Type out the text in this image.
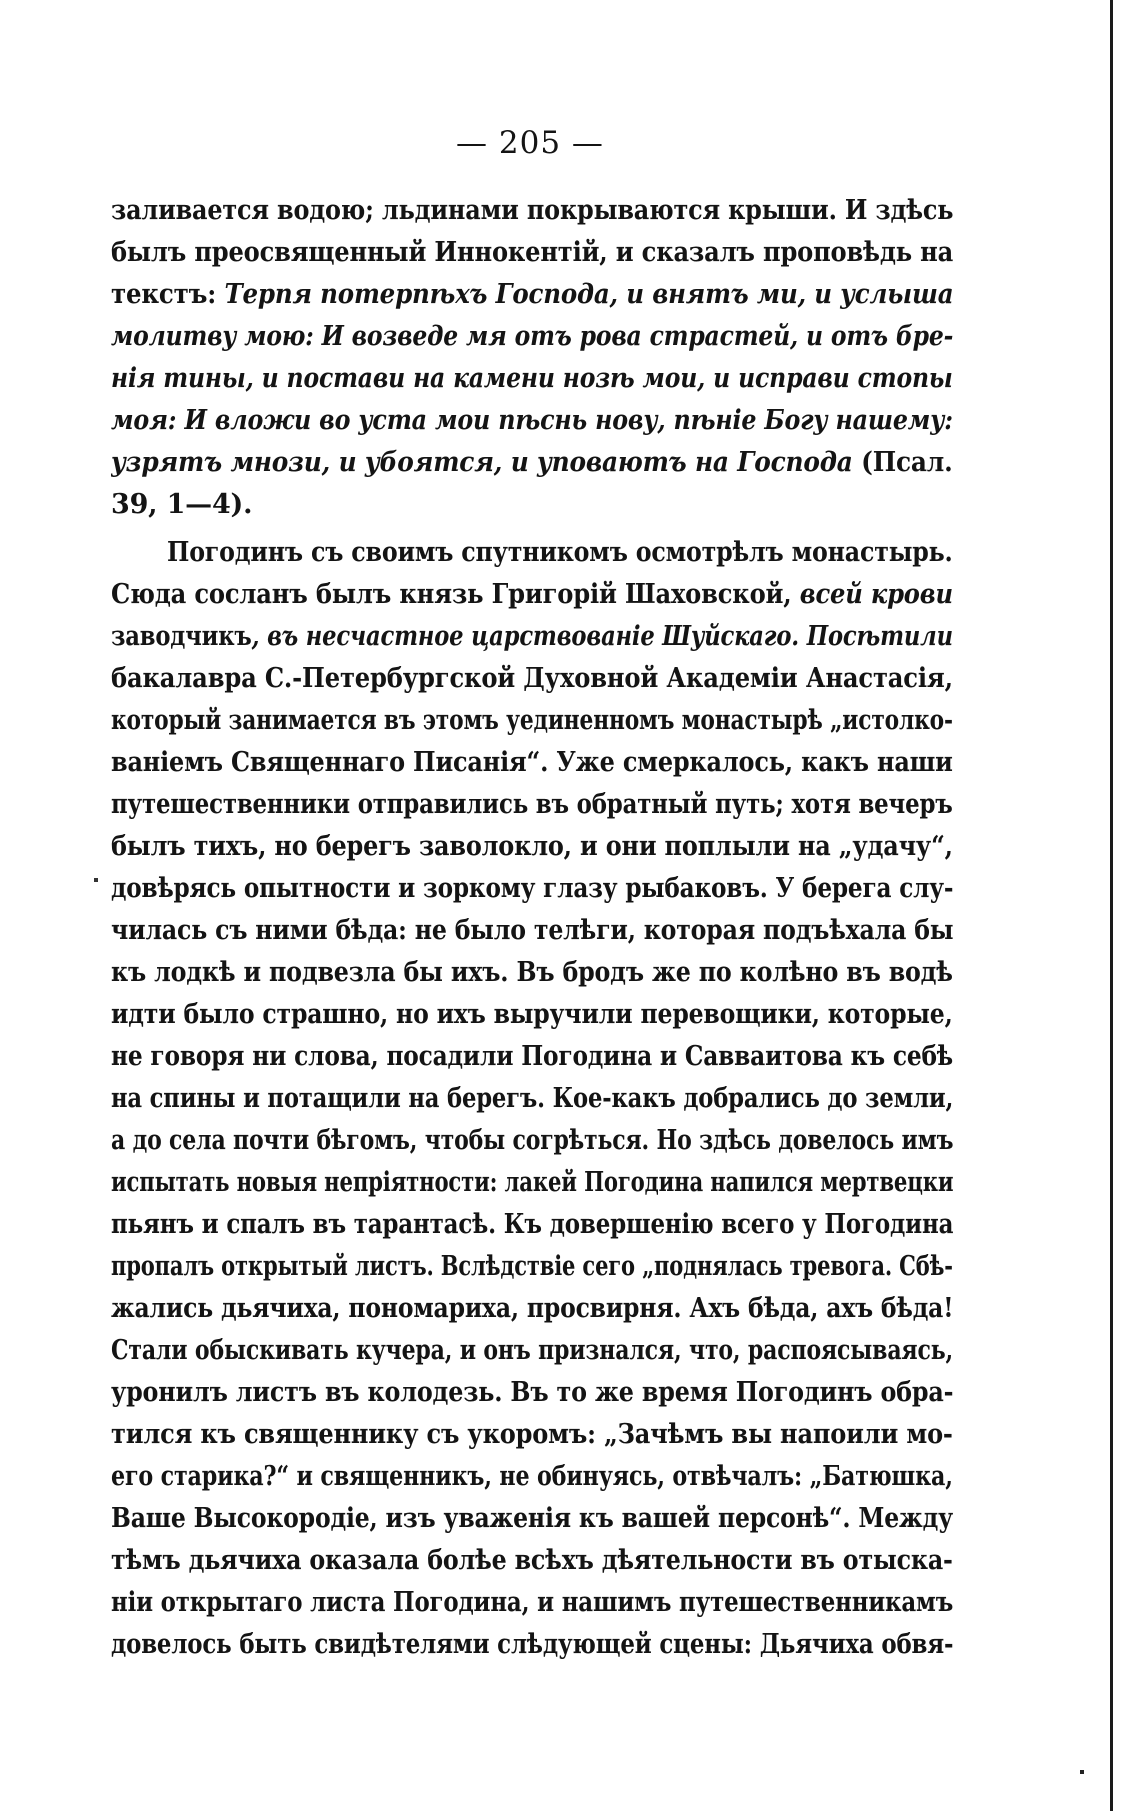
— 205 —
заливается водою; льдинами покрываются крыши. И здѣсь
былъ преосвященный Иннокентій, и сказалъ проповѣдь на
текстъ: Терпя потерпѣхъ Господа, и внятъ ми, и услыша
молитву мою: И возведе мя отъ рова страстей, и отъ бре-
нія тины, и постави на камени нозѣ мои, и исправи стопы
моя: И вложи во уста мои пѣснь нову, пѣніе Богу нашему:
узрятъ мнози, и убоятся, и уповаютъ на Господа (Псал.
39, 1—4).
Погодинъ съ своимъ спутникомъ осмотрѣлъ монастырь.
Сюда сосланъ былъ князь Григорій Шаховской, всей крови
заводчикъ, въ несчастное царствованіе Шуйскаго. Посѣтили
бакалавра С.-Петербургской Духовной Академіи Анастасія,
который занимается въ этомъ уединенномъ монастырѣ „истолко-
ваніемъ Священнаго Писанія“. Уже смеркалось, какъ наши
путешественники отправились въ обратный путь; хотя вечеръ
былъ тихъ, но берегъ заволокло, и они поплыли на „удачу“,
довѣрясь опытности и зоркому глазу рыбаковъ. У берега слу-
чилась съ ними бѣда: не было телѣги, которая подъѣхала бы
къ лодкѣ и подвезла бы ихъ. Въ бродъ же по колѣно въ водѣ
идти было страшно, но ихъ выручили перевощики, которые,
не говоря ни слова, посадили Погодина и Савваитова къ себѣ
на спины и потащили на берегъ. Кое-какъ добрались до земли,
а до села почти бѣгомъ, чтобы согрѣться. Но здѣсь довелось имъ
испытать новыя непріятности: лакей Погодина напился мертвецки
пьянъ и спалъ въ тарантасѣ. Къ довершенію всего у Погодина
пропалъ открытый листъ. Вслѣдствіе сего „поднялась тревога. Сбѣ-
жались дьячиха, пономариха, просвирня. Ахъ бѣда, ахъ бѣда!
Стали обыскивать кучера, и онъ признался, что, распоясываясь,
уронилъ листъ въ колодезь. Въ то же время Погодинъ обра-
тился къ священнику съ укоромъ: „Зачѣмъ вы напоили мо-
его старика?“ и священникъ, не обинуясь, отвѣчалъ: „Батюшка,
Ваше Высокородіе, изъ уваженія къ вашей персонѣ“. Между
тѣмъ дьячиха оказала болѣе всѣхъ дѣятельности въ отыска-
ніи открытаго листа Погодина, и нашимъ путешественникамъ
довелось быть свидѣтелями слѣдующей сцены: Дьячиха обвя-
